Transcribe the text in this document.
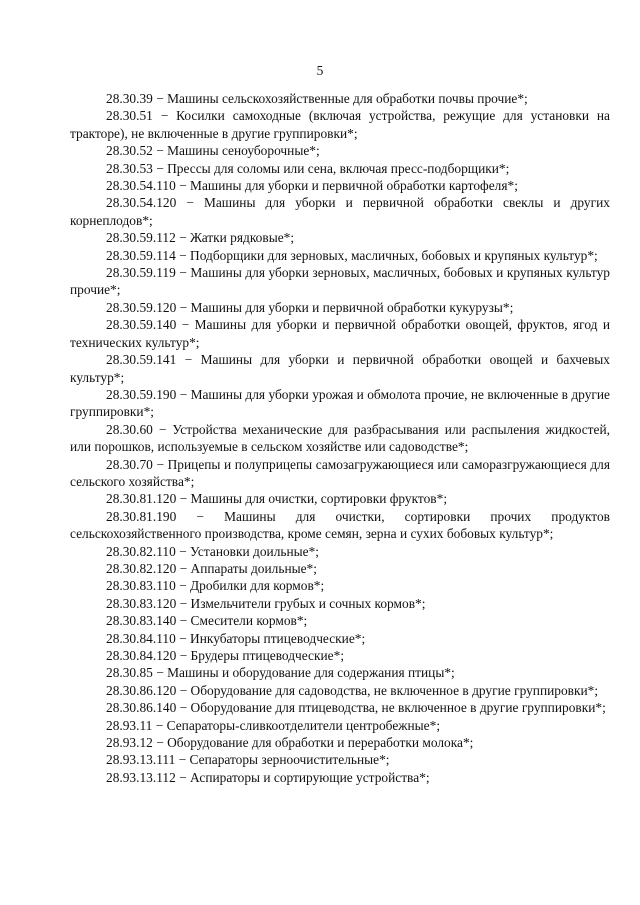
5

28.30.39 − Машины сельскохозяйственные для обработки почвы прочие*;

28.30.51 − Косилки самоходные (включая устройства, режущие для установки на тракторе), не включенные в другие группировки*;

28.30.52 − Машины сеноуборочные*;

28.30.53 − Прессы для соломы или сена, включая пресс-подборщики*;

28.30.54.110 − Машины для уборки и первичной обработки картофеля*;

28.30.54.120 − Машины для уборки и первичной обработки свеклы и других корнеплодов*;

28.30.59.112 − Жатки рядковые*;

28.30.59.114 − Подборщики для зерновых, масличных, бобовых и крупяных культур*;

28.30.59.119 − Машины для уборки зерновых, масличных, бобовых и крупяных культур прочие*;

28.30.59.120 − Машины для уборки и первичной обработки кукурузы*;

28.30.59.140 − Машины для уборки и первичной обработки овощей, фруктов, ягод и технических культур*;

28.30.59.141 − Машины для уборки и первичной обработки овощей и бахчевых культур*;

28.30.59.190 − Машины для уборки урожая и обмолота прочие, не включенные в другие группировки*;

28.30.60 − Устройства механические для разбрасывания или распыления жидкостей, или порошков, используемые в сельском хозяйстве или садоводстве*;

28.30.70 − Прицепы и полуприцепы самозагружающиеся или саморазгружающиеся для сельского хозяйства*;

28.30.81.120 − Машины для очистки, сортировки фруктов*;

28.30.81.190 − Машины для очистки, сортировки прочих продуктов сельскохозяйственного производства, кроме семян, зерна и сухих бобовых культур*;

28.30.82.110 − Установки доильные*;

28.30.82.120 − Аппараты доильные*;

28.30.83.110 − Дробилки для кормов*;

28.30.83.120 − Измельчители грубых и сочных кормов*;

28.30.83.140 − Смесители кормов*;

28.30.84.110 − Инкубаторы птицеводческие*;

28.30.84.120 − Брудеры птицеводческие*;

28.30.85 − Машины и оборудование для содержания птицы*;

28.30.86.120 − Оборудование для садоводства, не включенное в другие группировки*;

28.30.86.140 − Оборудование для птицеводства, не включенное в другие группировки*;

28.93.11 − Сепараторы-сливкоотделители центробежные*;

28.93.12 − Оборудование для обработки и переработки молока*;

28.93.13.111 − Сепараторы зерноочистительные*;

28.93.13.112 − Аспираторы и сортирующие устройства*;
